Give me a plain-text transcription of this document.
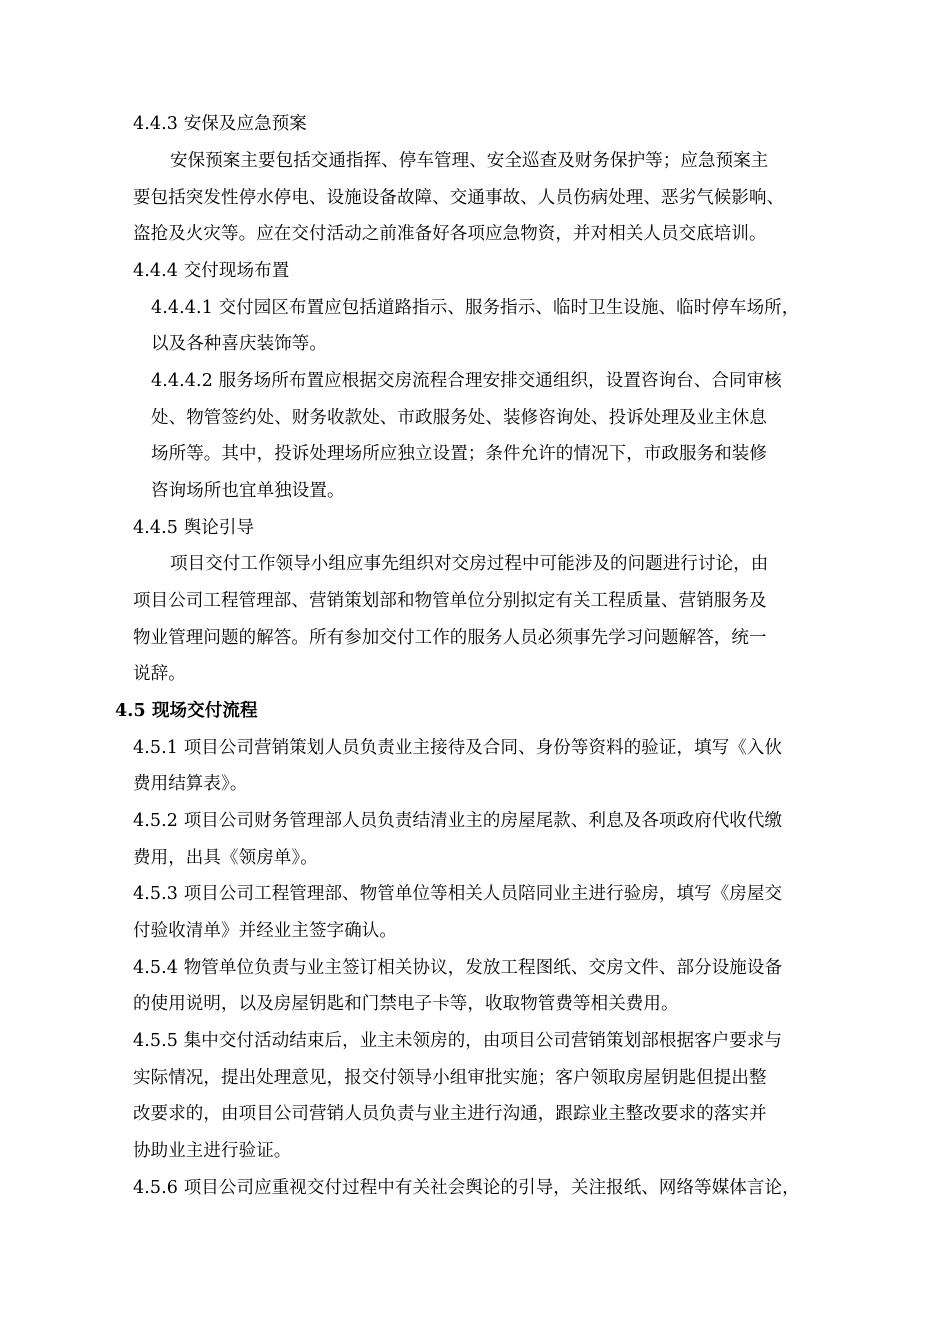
4.4.3 安保及应急预案
安保预案主要包括交通指挥、停车管理、安全巡查及财务保护等；应急预案主
要包括突发性停水停电、设施设备故障、交通事故、人员伤病处理、恶劣气候影响、
盗抢及火灾等。应在交付活动之前准备好各项应急物资，并对相关人员交底培训。
4.4.4 交付现场布置
4.4.4.1 交付园区布置应包括道路指示、服务指示、临时卫生设施、临时停车场所，
以及各种喜庆装饰等。
4.4.4.2 服务场所布置应根据交房流程合理安排交通组织，设置咨询台、合同审核
处、物管签约处、财务收款处、市政服务处、装修咨询处、投诉处理及业主休息
场所等。其中，投诉处理场所应独立设置；条件允许的情况下，市政服务和装修
咨询场所也宜单独设置。
4.4.5 舆论引导
项目交付工作领导小组应事先组织对交房过程中可能涉及的问题进行讨论，由
项目公司工程管理部、营销策划部和物管单位分别拟定有关工程质量、营销服务及
物业管理问题的解答。所有参加交付工作的服务人员必须事先学习问题解答，统一
说辞。
4.5 现场交付流程
4.5.1 项目公司营销策划人员负责业主接待及合同、身份等资料的验证，填写《入伙
费用结算表》。
4.5.2 项目公司财务管理部人员负责结清业主的房屋尾款、利息及各项政府代收代缴
费用，出具《领房单》。
4.5.3 项目公司工程管理部、物管单位等相关人员陪同业主进行验房，填写《房屋交
付验收清单》并经业主签字确认。
4.5.4 物管单位负责与业主签订相关协议，发放工程图纸、交房文件、部分设施设备
的使用说明，以及房屋钥匙和门禁电子卡等，收取物管费等相关费用。
4.5.5 集中交付活动结束后，业主未领房的，由项目公司营销策划部根据客户要求与
实际情况，提出处理意见，报交付领导小组审批实施；客户领取房屋钥匙但提出整
改要求的，由项目公司营销人员负责与业主进行沟通，跟踪业主整改要求的落实并
协助业主进行验证。
4.5.6 项目公司应重视交付过程中有关社会舆论的引导，关注报纸、网络等媒体言论，
